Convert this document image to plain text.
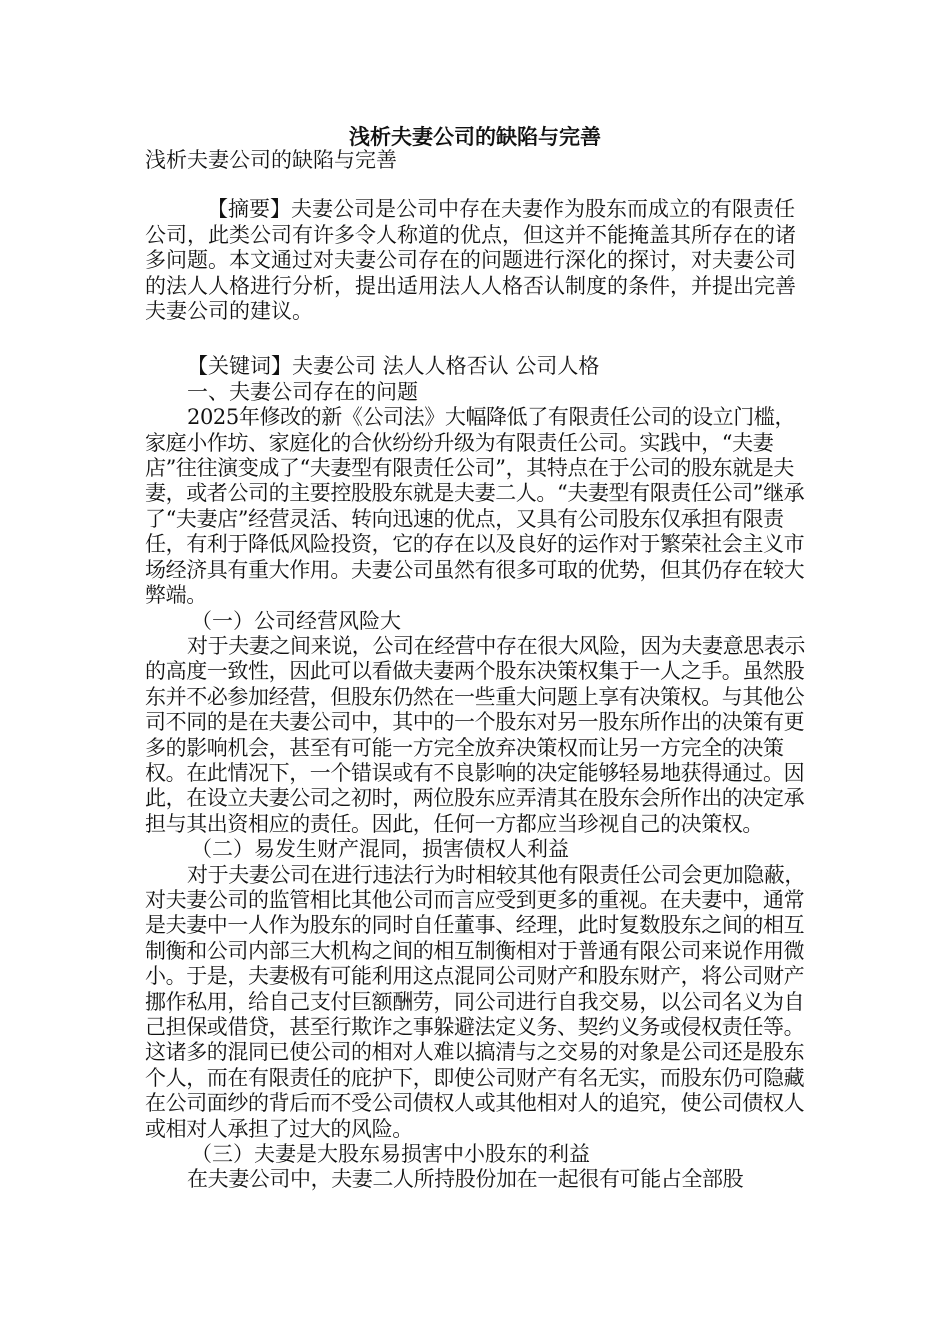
浅析夫妻公司的缺陷与完善

浅析夫妻公司的缺陷与完善

【摘要】夫妻公司是公司中存在夫妻作为股东而成立的有限责任公司，此类公司有许多令人称道的优点，但这并不能掩盖其所存在的诸多问题。本文通过对夫妻公司存在的问题进行深化的探讨，对夫妻公司的法人人格进行分析，提出适用法人人格否认制度的条件，并提出完善夫妻公司的建议。

【关键词】夫妻公司 法人人格否认 公司人格

一、夫妻公司存在的问题

2025年修改的新《公司法》大幅降低了有限责任公司的设立门槛，家庭小作坊、家庭化的合伙纷纷升级为有限责任公司。实践中，“夫妻店”往往演变成了“夫妻型有限责任公司”，其特点在于公司的股东就是夫妻，或者公司的主要控股股东就是夫妻二人。“夫妻型有限责任公司”继承了“夫妻店”经营灵活、转向迅速的优点，又具有公司股东仅承担有限责任，有利于降低风险投资，它的存在以及良好的运作对于繁荣社会主义市场经济具有重大作用。夫妻公司虽然有很多可取的优势，但其仍存在较大弊端。

（一）公司经营风险大

对于夫妻之间来说，公司在经营中存在很大风险，因为夫妻意思表示的高度一致性，因此可以看做夫妻两个股东决策权集于一人之手。虽然股东并不必参加经营，但股东仍然在一些重大问题上享有决策权。与其他公司不同的是在夫妻公司中，其中的一个股东对另一股东所作出的决策有更多的影响机会，甚至有可能一方完全放弃决策权而让另一方完全的决策权。在此情况下，一个错误或有不良影响的决定能够轻易地获得通过。因此，在设立夫妻公司之初时，两位股东应弄清其在股东会所作出的决定承担与其出资相应的责任。因此，任何一方都应当珍视自己的决策权。

（二）易发生财产混同，损害债权人利益

对于夫妻公司在进行违法行为时相较其他有限责任公司会更加隐蔽，对夫妻公司的监管相比其他公司而言应受到更多的重视。在夫妻中，通常是夫妻中一人作为股东的同时自任董事、经理，此时复数股东之间的相互制衡和公司内部三大机构之间的相互制衡相对于普通有限公司来说作用微小。于是，夫妻极有可能利用这点混同公司财产和股东财产，将公司财产挪作私用，给自己支付巨额酬劳，同公司进行自我交易，以公司名义为自己担保或借贷，甚至行欺诈之事躲避法定义务、契约义务或侵权责任等。这诸多的混同已使公司的相对人难以搞清与之交易的对象是公司还是股东个人，而在有限责任的庇护下，即使公司财产有名无实，而股东仍可隐藏在公司面纱的背后而不受公司债权人或其他相对人的追究，使公司债权人或相对人承担了过大的风险。

（三）夫妻是大股东易损害中小股东的利益

在夫妻公司中，夫妻二人所持股份加在一起很有可能占全部股
